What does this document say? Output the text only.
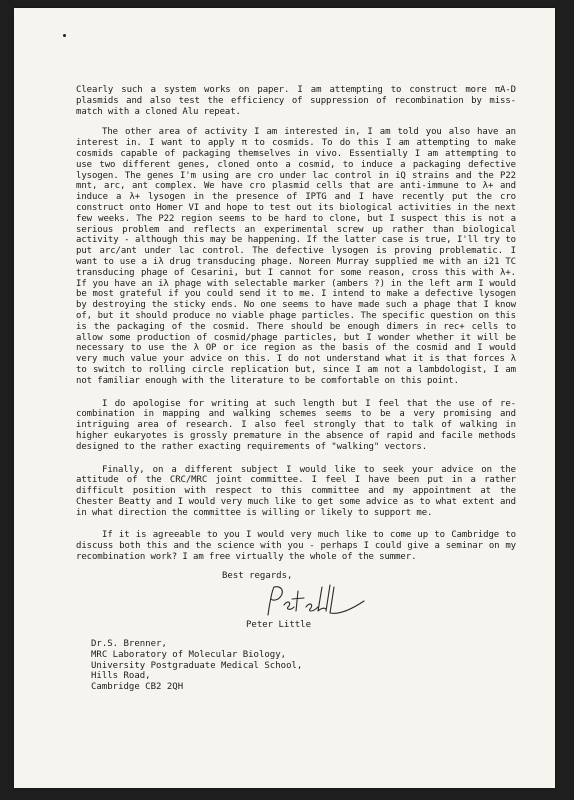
Clearly such a system works on paper. I am attempting to construct more πA-D plasmids and also test the efficiency of suppression of recombination by miss-match with a cloned Alu repeat.

The other area of activity I am interested in, I am told you also have an interest in. I want to apply π to cosmids. To do this I am attempting to make cosmids capable of packaging themselves in vivo. Essentially I am attempting to use two different genes, cloned onto a cosmid, to induce a packaging defective lysogen. The genes I'm using are cro under lac control in iQ strains and the P22 mnt, arc, ant complex. We have cro plasmid cells that are anti-immune to λ+ and induce a λ+ lysogen in the presence of IPTG and I have recently put the cro construct onto Homer VI and hope to test out its biological activities in the next few weeks. The P22 region seems to be hard to clone, but I suspect this is not a serious problem and reflects an experimental screw up rather than biological activity - although this may be happening. If the latter case is true, I'll try to put arc/ant under lac control. The defective lysogen is proving problematic. I want to use a iλ drug transducing phage. Noreen Murray supplied me with an i21 TC transducing phage of Cesarini, but I cannot for some reason, cross this with λ+. If you have an iλ phage with selectable marker (ambers ?) in the left arm I would be most grateful if you could send it to me. I intend to make a defective lysogen by destroying the sticky ends. No one seems to have made such a phage that I know of, but it should produce no viable phage particles. The specific question on this is the packaging of the cosmid. There should be enough dimers in rec+ cells to allow some production of cosmid/phage particles, but I wonder whether it will be necessary to use the λ OP or ice region as the basis of the cosmid and I would very much value your advice on this. I do not understand what it is that forces λ to switch to rolling circle replication but, since I am not a lambdologist, I am not familiar enough with the literature to be comfortable on this point.

I do apologise for writing at such length but I feel that the use of re-combination in mapping and walking schemes seems to be a very promising and intriguing area of research. I also feel strongly that to talk of walking in higher eukaryotes is grossly premature in the absence of rapid and facile methods designed to the rather exacting requirements of "walking" vectors.

Finally, on a different subject I would like to seek your advice on the attitude of the CRC/MRC joint committee. I feel I have been put in a rather difficult position with respect to this committee and my appointment at the Chester Beatty and I would very much like to get some advice as to what extent and in what direction the committee is willing or likely to support me.

If it is agreeable to you I would very much like to come up to Cambridge to discuss both this and the science with you - perhaps I could give a seminar on my recombination work? I am free virtually the whole of the summer.

Best regards,
Peter Little
Dr.S. Brenner,
MRC Laboratory of Molecular Biology,
University Postgraduate Medical School,
Hills Road,
Cambridge CB2 2QH
